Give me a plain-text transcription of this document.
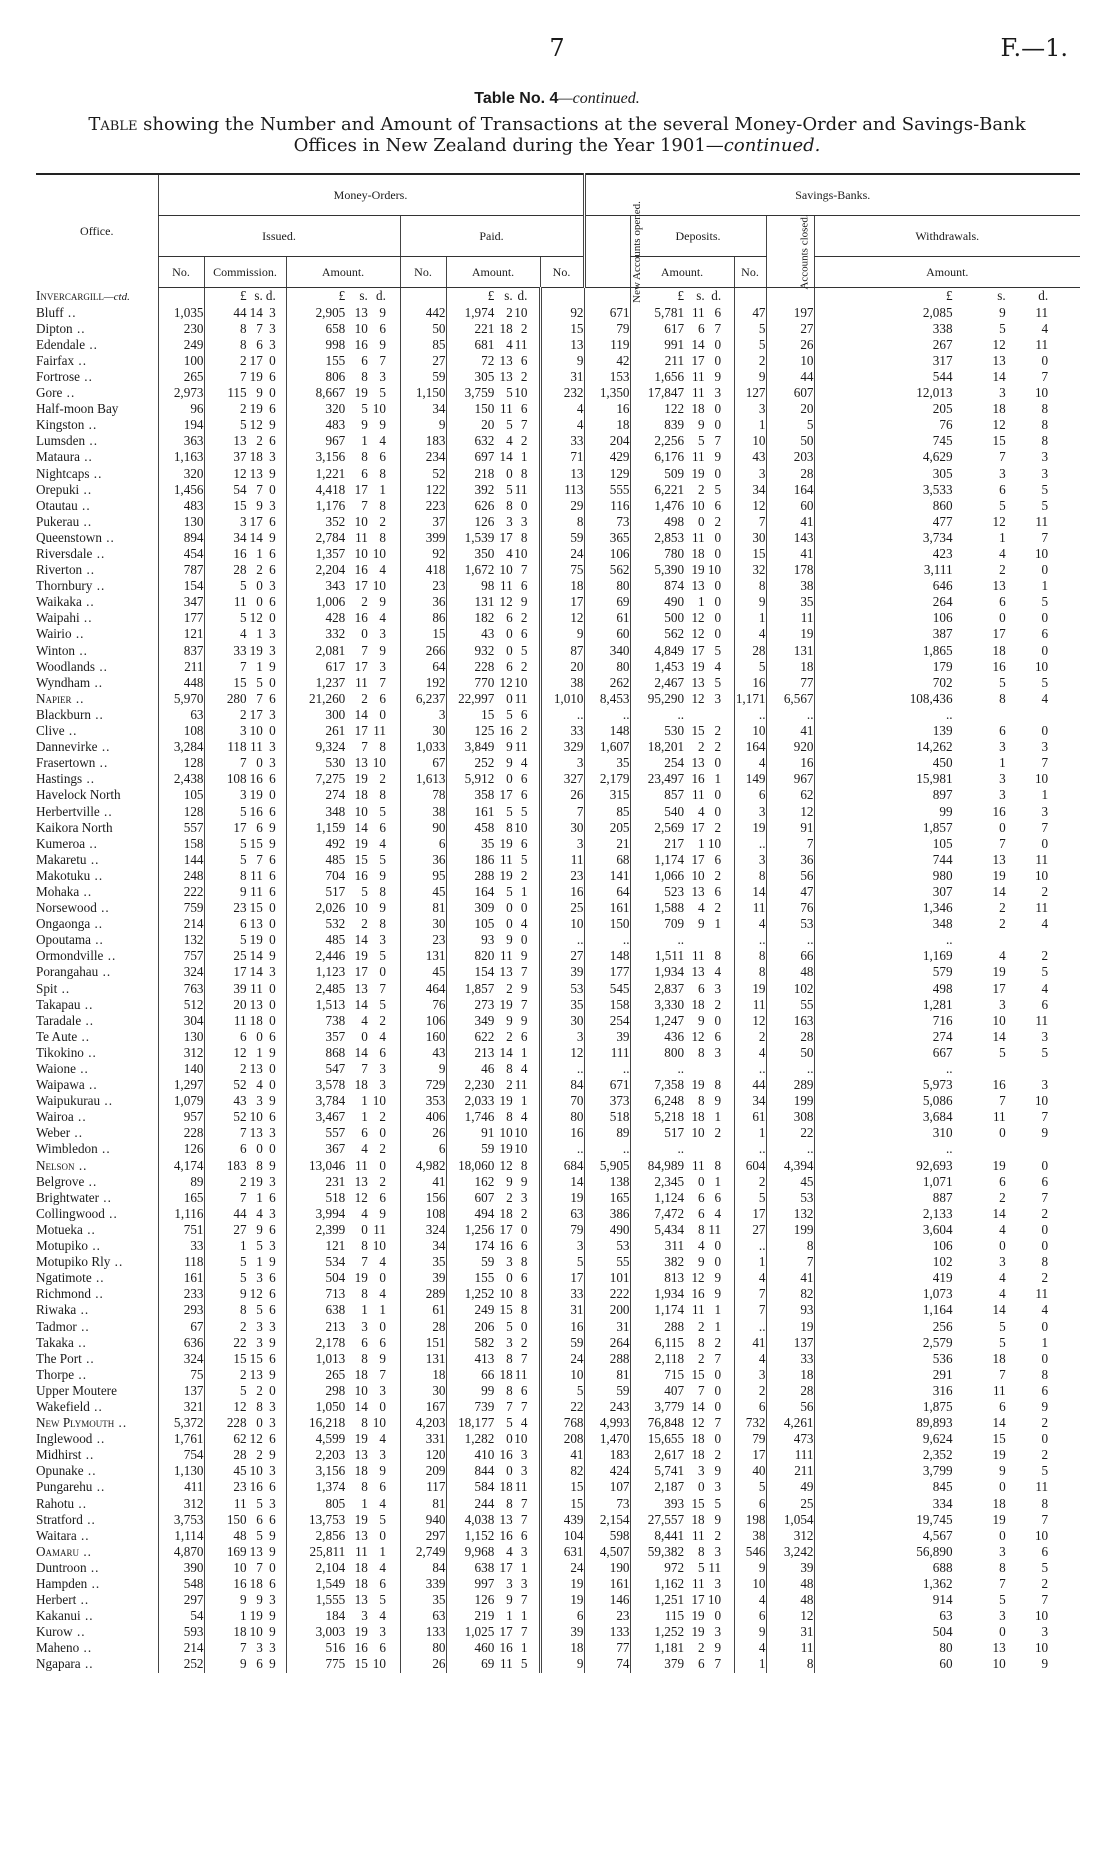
7	F.—1.
Table No. 4—continued.
Table showing the Number and Amount of Transactions at the several Money-Order and Savings-Bank
Offices in New Zealand during the Year 1901—continued.
Office.	Money-Orders.						Savings-Banks.				
	Issued.			Paid.			New Accounts opened.	Deposits.		Accounts closed.	Withdrawals.
	No.	Commission.	Amount.	No.	Amount.	No.		Amount.	No.		Amount.
Invercargill—ctd.		£ s. d.	£ s. d.		£ s. d.			£ s. d.			£ s. d.
Bluff ..	1,035	44 14 3	2,905 13 9	442	1,974 2 10	92	671	5,781 11 6	47	197	2,085 9 11
Dipton ..	230	8 7 3	658 10 6	50	221 18 2	15	79	617 6 7	5	27	338 5 4
Edendale ..	249	8 6 3	998 16 9	85	681 4 11	13	119	991 14 0	5	26	267 12 11
Fairfax ..	100	2 17 0	155 6 7	27	72 13 6	9	42	211 17 0	2	10	317 13 0
Fortrose ..	265	7 19 6	806 8 3	59	305 13 2	31	153	1,656 11 9	9	44	544 14 7
Gore ..	2,973	115 9 0	8,667 19 5	1,150	3,759 5 10	232	1,350	17,847 11 3	127	607	12,013 3 10
Half-moon Bay	96	2 19 6	320 5 10	34	150 11 6	4	16	122 18 0	3	20	205 18 8
Kingston ..	194	5 12 9	483 9 9	9	20 5 7	4	18	839 9 0	1	5	76 12 8
Lumsden ..	363	13 2 6	967 1 4	183	632 4 2	33	204	2,256 5 7	10	50	745 15 8
Mataura ..	1,163	37 18 3	3,156 8 6	234	697 14 1	71	429	6,176 11 9	43	203	4,629 7 3
Nightcaps ..	320	12 13 9	1,221 6 8	52	218 0 8	13	129	509 19 0	3	28	305 3 3
Orepuki ..	1,456	54 7 0	4,418 17 1	122	392 5 11	113	555	6,221 2 5	34	164	3,533 6 5
Otautau ..	483	15 9 3	1,176 7 8	223	626 8 0	29	116	1,476 10 6	12	60	860 5 5
Pukerau ..	130	3 17 6	352 10 2	37	126 3 3	8	73	498 0 2	7	41	477 12 11
Queenstown ..	894	34 14 9	2,784 11 8	399	1,539 17 8	59	365	2,853 11 0	30	143	3,734 1 7
Riversdale ..	454	16 1 6	1,357 10 10	92	350 4 10	24	106	780 18 0	15	41	423 4 10
Riverton ..	787	28 2 6	2,204 16 4	418	1,672 10 7	75	562	5,390 19 10	32	178	3,111 2 0
Thornbury ..	154	5 0 3	343 17 10	23	98 11 6	18	80	874 13 0	8	38	646 13 1
Waikaka ..	347	11 0 6	1,006 2 9	36	131 12 9	17	69	490 1 0	9	35	264 6 5
Waipahi ..	177	5 12 0	428 16 4	86	182 6 2	12	61	500 12 0	1	11	106 0 0
Wairio ..	121	4 1 3	332 0 3	15	43 0 6	9	60	562 12 0	4	19	387 17 6
Winton ..	837	33 19 3	2,081 7 9	266	932 0 5	87	340	4,849 17 5	28	131	1,865 18 0
Woodlands ..	211	7 1 9	617 17 3	64	228 6 2	20	80	1,453 19 4	5	18	179 16 10
Wyndham ..	448	15 5 0	1,237 11 7	192	770 12 10	38	262	2,467 13 5	16	77	702 5 5
Napier ..	5,970	280 7 6	21,260 2 6	6,237	22,997 0 11	1,010	8,453	95,290 12 3	1,171	6,567	108,436 8 4
Blackburn ..	63	2 17 3	300 14 0	3	15 5 6	..	..	..	..	..	..
Clive ..	108	3 10 0	261 17 11	30	125 16 2	33	148	530 15 2	10	41	139 6 0
Dannevirke ..	3,284	118 11 3	9,324 7 8	1,033	3,849 9 11	329	1,607	18,201 2 2	164	920	14,262 3 3
Frasertown ..	128	7 0 3	530 13 10	67	252 9 4	3	35	254 13 0	4	16	450 1 7
Hastings ..	2,438	108 16 6	7,275 19 2	1,613	5,912 0 6	327	2,179	23,497 16 1	149	967	15,981 3 10
Havelock North	105	3 19 0	274 18 8	78	358 17 6	26	315	857 11 0	6	62	897 3 1
Herbertville ..	128	5 16 6	348 10 5	38	161 5 5	7	85	540 4 0	3	12	99 16 3
Kaikora North	557	17 6 9	1,159 14 6	90	458 8 10	30	205	2,569 17 2	19	91	1,857 0 7
Kumeroa ..	158	5 15 9	492 19 4	6	35 19 6	3	21	217 1 10	..	7	105 7 0
Makaretu ..	144	5 7 6	485 15 5	36	186 11 5	11	68	1,174 17 6	3	36	744 13 11
Makotuku ..	248	8 11 6	704 16 9	95	288 19 2	23	141	1,066 10 2	8	56	980 19 10
Mohaka ..	222	9 11 6	517 5 8	45	164 5 1	16	64	523 13 6	14	47	307 14 2
Norsewood ..	759	23 15 0	2,026 10 9	81	309 0 0	25	161	1,588 4 2	11	76	1,346 2 11
Ongaonga ..	214	6 13 0	532 2 8	30	105 0 4	10	150	709 9 1	4	53	348 2 4
Opoutama ..	132	5 19 0	485 14 3	23	93 9 0	..	..	..	..	..	..
Ormondville ..	757	25 14 9	2,446 19 5	131	820 11 9	27	148	1,511 11 8	8	66	1,169 4 2
Porangahau ..	324	17 14 3	1,123 17 0	45	154 13 7	39	177	1,934 13 4	8	48	579 19 5
Spit ..	763	39 11 0	2,485 13 7	464	1,857 2 9	53	545	2,837 6 3	19	102	498 17 4
Takapau ..	512	20 13 0	1,513 14 5	76	273 19 7	35	158	3,330 18 2	11	55	1,281 3 6
Taradale ..	304	11 18 0	738 4 2	106	349 9 9	30	254	1,247 9 0	12	163	716 10 11
Te Aute ..	130	6 0 6	357 0 4	160	622 2 6	3	39	436 12 6	2	28	274 14 3
Tikokino ..	312	12 1 9	868 14 6	43	213 14 1	12	111	800 8 3	4	50	667 5 5
Waione ..	140	2 13 0	547 7 3	9	46 8 4	..	..	..	..	..	..
Waipawa ..	1,297	52 4 0	3,578 18 3	729	2,230 2 11	84	671	7,358 19 8	44	289	5,973 16 3
Waipukurau ..	1,079	43 3 9	3,784 1 10	353	2,033 19 1	70	373	6,248 8 9	34	199	5,086 7 10
Wairoa ..	957	52 10 6	3,467 1 2	406	1,746 8 4	80	518	5,218 18 1	61	308	3,684 11 7
Weber ..	228	7 13 3	557 6 0	26	91 10 10	16	89	517 10 2	1	22	310 0 9
Wimbledon ..	126	6 0 0	367 4 2	6	59 19 10	..	..	..	..	..	..
Nelson ..	4,174	183 8 9	13,046 11 0	4,982	18,060 12 8	684	5,905	84,989 11 8	604	4,394	92,693 19 0
Belgrove ..	89	2 19 3	231 13 2	41	162 9 9	14	138	2,345 0 1	2	45	1,071 6 6
Brightwater ..	165	7 1 6	518 12 6	156	607 2 3	19	165	1,124 6 6	5	53	887 2 7
Collingwood ..	1,116	44 4 3	3,994 4 9	108	494 18 2	63	386	7,472 6 4	17	132	2,133 14 2
Motueka ..	751	27 9 6	2,399 0 11	324	1,256 17 0	79	490	5,434 8 11	27	199	3,604 4 0
Motupiko ..	33	1 5 3	121 8 10	34	174 16 6	3	53	311 4 0	..	8	106 0 0
Motupiko Rly ..	118	5 1 9	534 7 4	35	59 3 8	5	55	382 9 0	1	7	102 3 8
Ngatimote ..	161	5 3 6	504 19 0	39	155 0 6	17	101	813 12 9	4	41	419 4 2
Richmond ..	233	9 12 6	713 8 4	289	1,252 10 8	33	222	1,934 16 9	7	82	1,073 4 11
Riwaka ..	293	8 5 6	638 1 1	61	249 15 8	31	200	1,174 11 1	7	93	1,164 14 4
Tadmor ..	67	2 3 3	213 3 0	28	206 5 0	16	31	288 2 1	..	19	256 5 0
Takaka ..	636	22 3 9	2,178 6 6	151	582 3 2	59	264	6,115 8 2	41	137	2,579 5 1
The Port ..	324	15 15 6	1,013 8 9	131	413 8 7	24	288	2,118 2 7	4	33	536 18 0
Thorpe ..	75	2 13 9	265 18 7	18	66 18 11	10	81	715 15 0	3	18	291 7 8
Upper Moutere	137	5 2 0	298 10 3	30	99 8 6	5	59	407 7 0	2	28	316 11 6
Wakefield ..	321	12 8 3	1,050 14 0	167	739 7 7	22	243	3,779 14 0	6	56	1,875 6 9
New Plymouth ..	5,372	228 0 3	16,218 8 10	4,203	18,177 5 4	768	4,993	76,848 12 7	732	4,261	89,893 14 2
Inglewood ..	1,761	62 12 6	4,599 19 4	331	1,282 0 10	208	1,470	15,655 18 0	79	473	9,624 15 0
Midhirst ..	754	28 2 9	2,203 13 3	120	410 16 3	41	183	2,617 18 2	17	111	2,352 19 2
Opunake ..	1,130	45 10 3	3,156 18 9	209	844 0 3	82	424	5,741 3 9	40	211	3,799 9 5
Pungarehu ..	411	23 16 6	1,374 8 6	117	584 18 11	15	107	2,187 0 3	5	49	845 0 11
Rahotu ..	312	11 5 3	805 1 4	81	244 8 7	15	73	393 15 5	6	25	334 18 8
Stratford ..	3,753	150 6 6	13,753 19 5	940	4,038 13 7	439	2,154	27,557 18 9	198	1,054	19,745 19 7
Waitara ..	1,114	48 5 9	2,856 13 0	297	1,152 16 6	104	598	8,441 11 2	38	312	4,567 0 10
Oamaru ..	4,870	169 13 9	25,811 11 1	2,749	9,968 4 3	631	4,507	59,382 8 3	546	3,242	56,890 3 6
Duntroon ..	390	10 7 0	2,104 18 4	84	638 17 1	24	190	972 5 11	9	39	688 8 5
Hampden ..	548	16 18 6	1,549 18 6	339	997 3 3	19	161	1,162 11 3	10	48	1,362 7 2
Herbert ..	297	9 9 3	1,555 13 5	35	126 9 7	19	146	1,251 17 10	4	48	914 5 7
Kakanui ..	54	1 19 9	184 3 4	63	219 1 1	6	23	115 19 0	6	12	63 3 10
Kurow ..	593	18 10 9	3,003 19 3	133	1,025 17 7	39	133	1,252 19 3	9	31	504 0 3
Maheno ..	214	7 3 3	516 16 6	80	460 16 1	18	77	1,181 2 9	4	11	80 13 10
Ngapara ..	252	9 6 9	775 15 10	26	69 11 5	9	74	379 6 7	1	8	60 10 9
